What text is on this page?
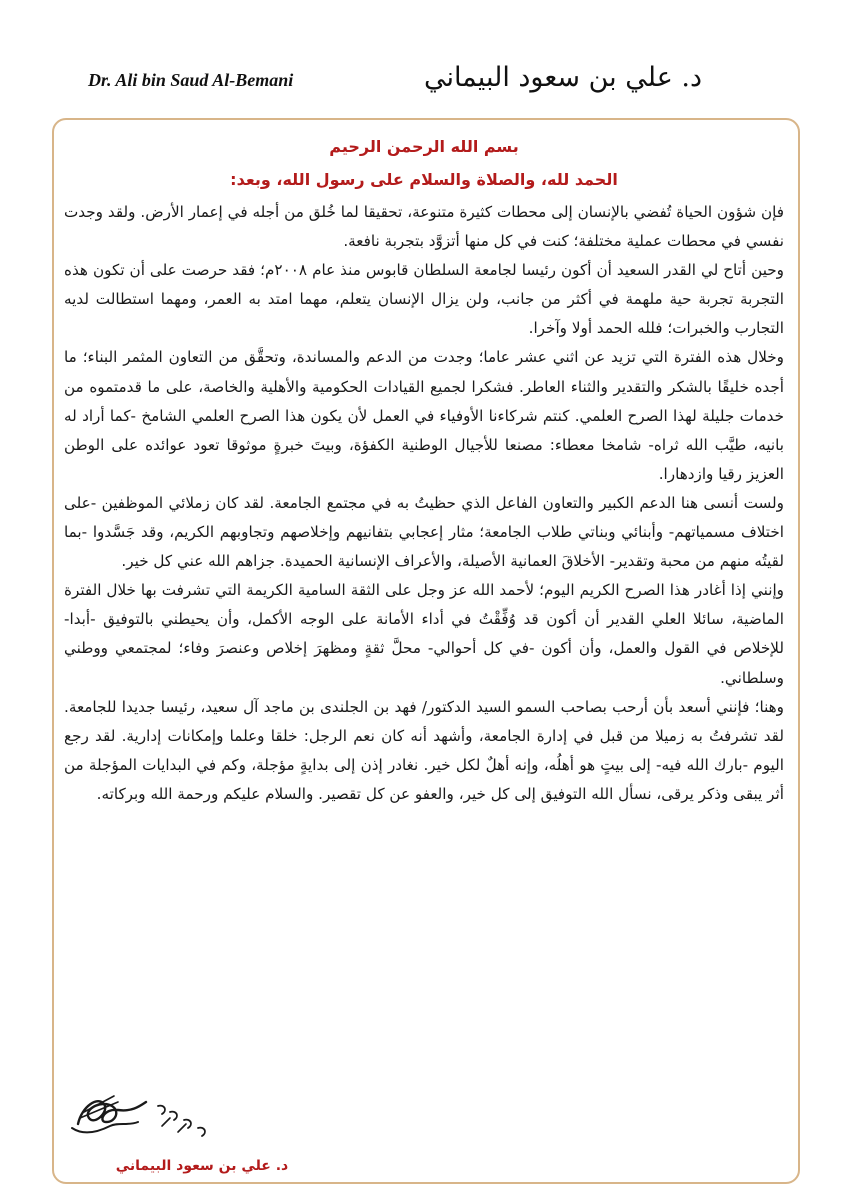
Dr. Ali bin Saud Al-Bemani	د. علي بن سعود البيماني

بسم الله الرحمن الرحيم

الحمد لله، والصلاة والسلام على رسول الله، وبعد:

فإن شؤون الحياة تُفضي بالإنسان إلى محطات كثيرة متنوعة، تحقيقا لما خُلق من أجله في إعمار الأرض. ولقد وجدت نفسي في محطات عملية مختلفة؛ كنت في كل منها أتزوَّد بتجربة نافعة.

وحين أتاح لي القدر السعيد أن أكون رئيسا لجامعة السلطان قابوس منذ عام ٢٠٠٨م؛ فقد حرصت على أن تكون هذه التجربة تجربة حية ملهمة في أكثر من جانب، ولن يزال الإنسان يتعلم، مهما امتد به العمر، ومهما استطالت لديه التجارب والخبرات؛ فلله الحمد أولا وآخرا.

وخلال هذه الفترة التي تزيد عن اثني عشر عاما؛ وجدت من الدعم والمساندة، وتحقَّق من التعاون المثمر البناء؛ ما أجده خليقًا بالشكر والتقدير والثناء العاطر. فشكرا لجميع القيادات الحكومية والأهلية والخاصة، على ما قدمتموه من خدمات جليلة لهذا الصرح العلمي. كنتم شركاءنا الأوفياء في العمل لأن يكون هذا الصرح العلمي الشامخ -كما أراد له بانيه، طيَّب الله ثراه- شامخا معطاء: مصنعا للأجيال الوطنية الكفؤة، وبيتَ خبرةٍ موثوقا تعود عوائده على الوطن العزيز رقيا وازدهارا.

ولست أنسى هنا الدعم الكبير والتعاون الفاعل الذي حظيتُ به في مجتمع الجامعة. لقد كان زملائي الموظفين -على اختلاف مسمياتهم- وأبنائي وبناتي طلاب الجامعة؛ مثار إعجابي بتفانيهم وإخلاصهم وتجاوبهم الكريم، وقد جَسَّدوا -بما لقيتُه منهم من محبة وتقدير- الأخلاقَ العمانية الأصيلة، والأعراف الإنسانية الحميدة. جزاهم الله عني كل خير.

وإنني إذا أغادر هذا الصرح الكريم اليوم؛ لأحمد الله عز وجل على الثقة السامية الكريمة التي تشرفت بها خلال الفترة الماضية، سائلا العلي القدير أن أكون قد وُفِّقْتُ في أداء الأمانة على الوجه الأكمل، وأن يحيطني بالتوفيق -أبدا- للإخلاص في القول والعمل، وأن أكون -في كل أحوالي- محلَّ ثقةٍ ومظهرَ إخلاص وعنصرَ وفاء؛ لمجتمعي ووطني وسلطاني.

وهنا؛ فإنني أسعد بأن أرحب بصاحب السمو السيد الدكتور/ فهد بن الجلندى بن ماجد آل سعيد، رئيسا جديدا للجامعة. لقد تشرفتُ به زميلا من قبل في إدارة الجامعة، وأشهد أنه كان نعم الرجل: خلقا وعلما وإمكانات إدارية. لقد رجع اليوم -بارك الله فيه- إلى بيتٍ هو أهلُه، وإنه أهلٌ لكل خير. نغادر إذن إلى بدايةٍ مؤجلة، وكم في البدايات المؤجلة من أثر يبقى وذكر يرقى، نسأل الله التوفيق إلى كل خير، والعفو عن كل تقصير. والسلام عليكم ورحمة الله وبركاته.

د. علي بن سعود البيماني
